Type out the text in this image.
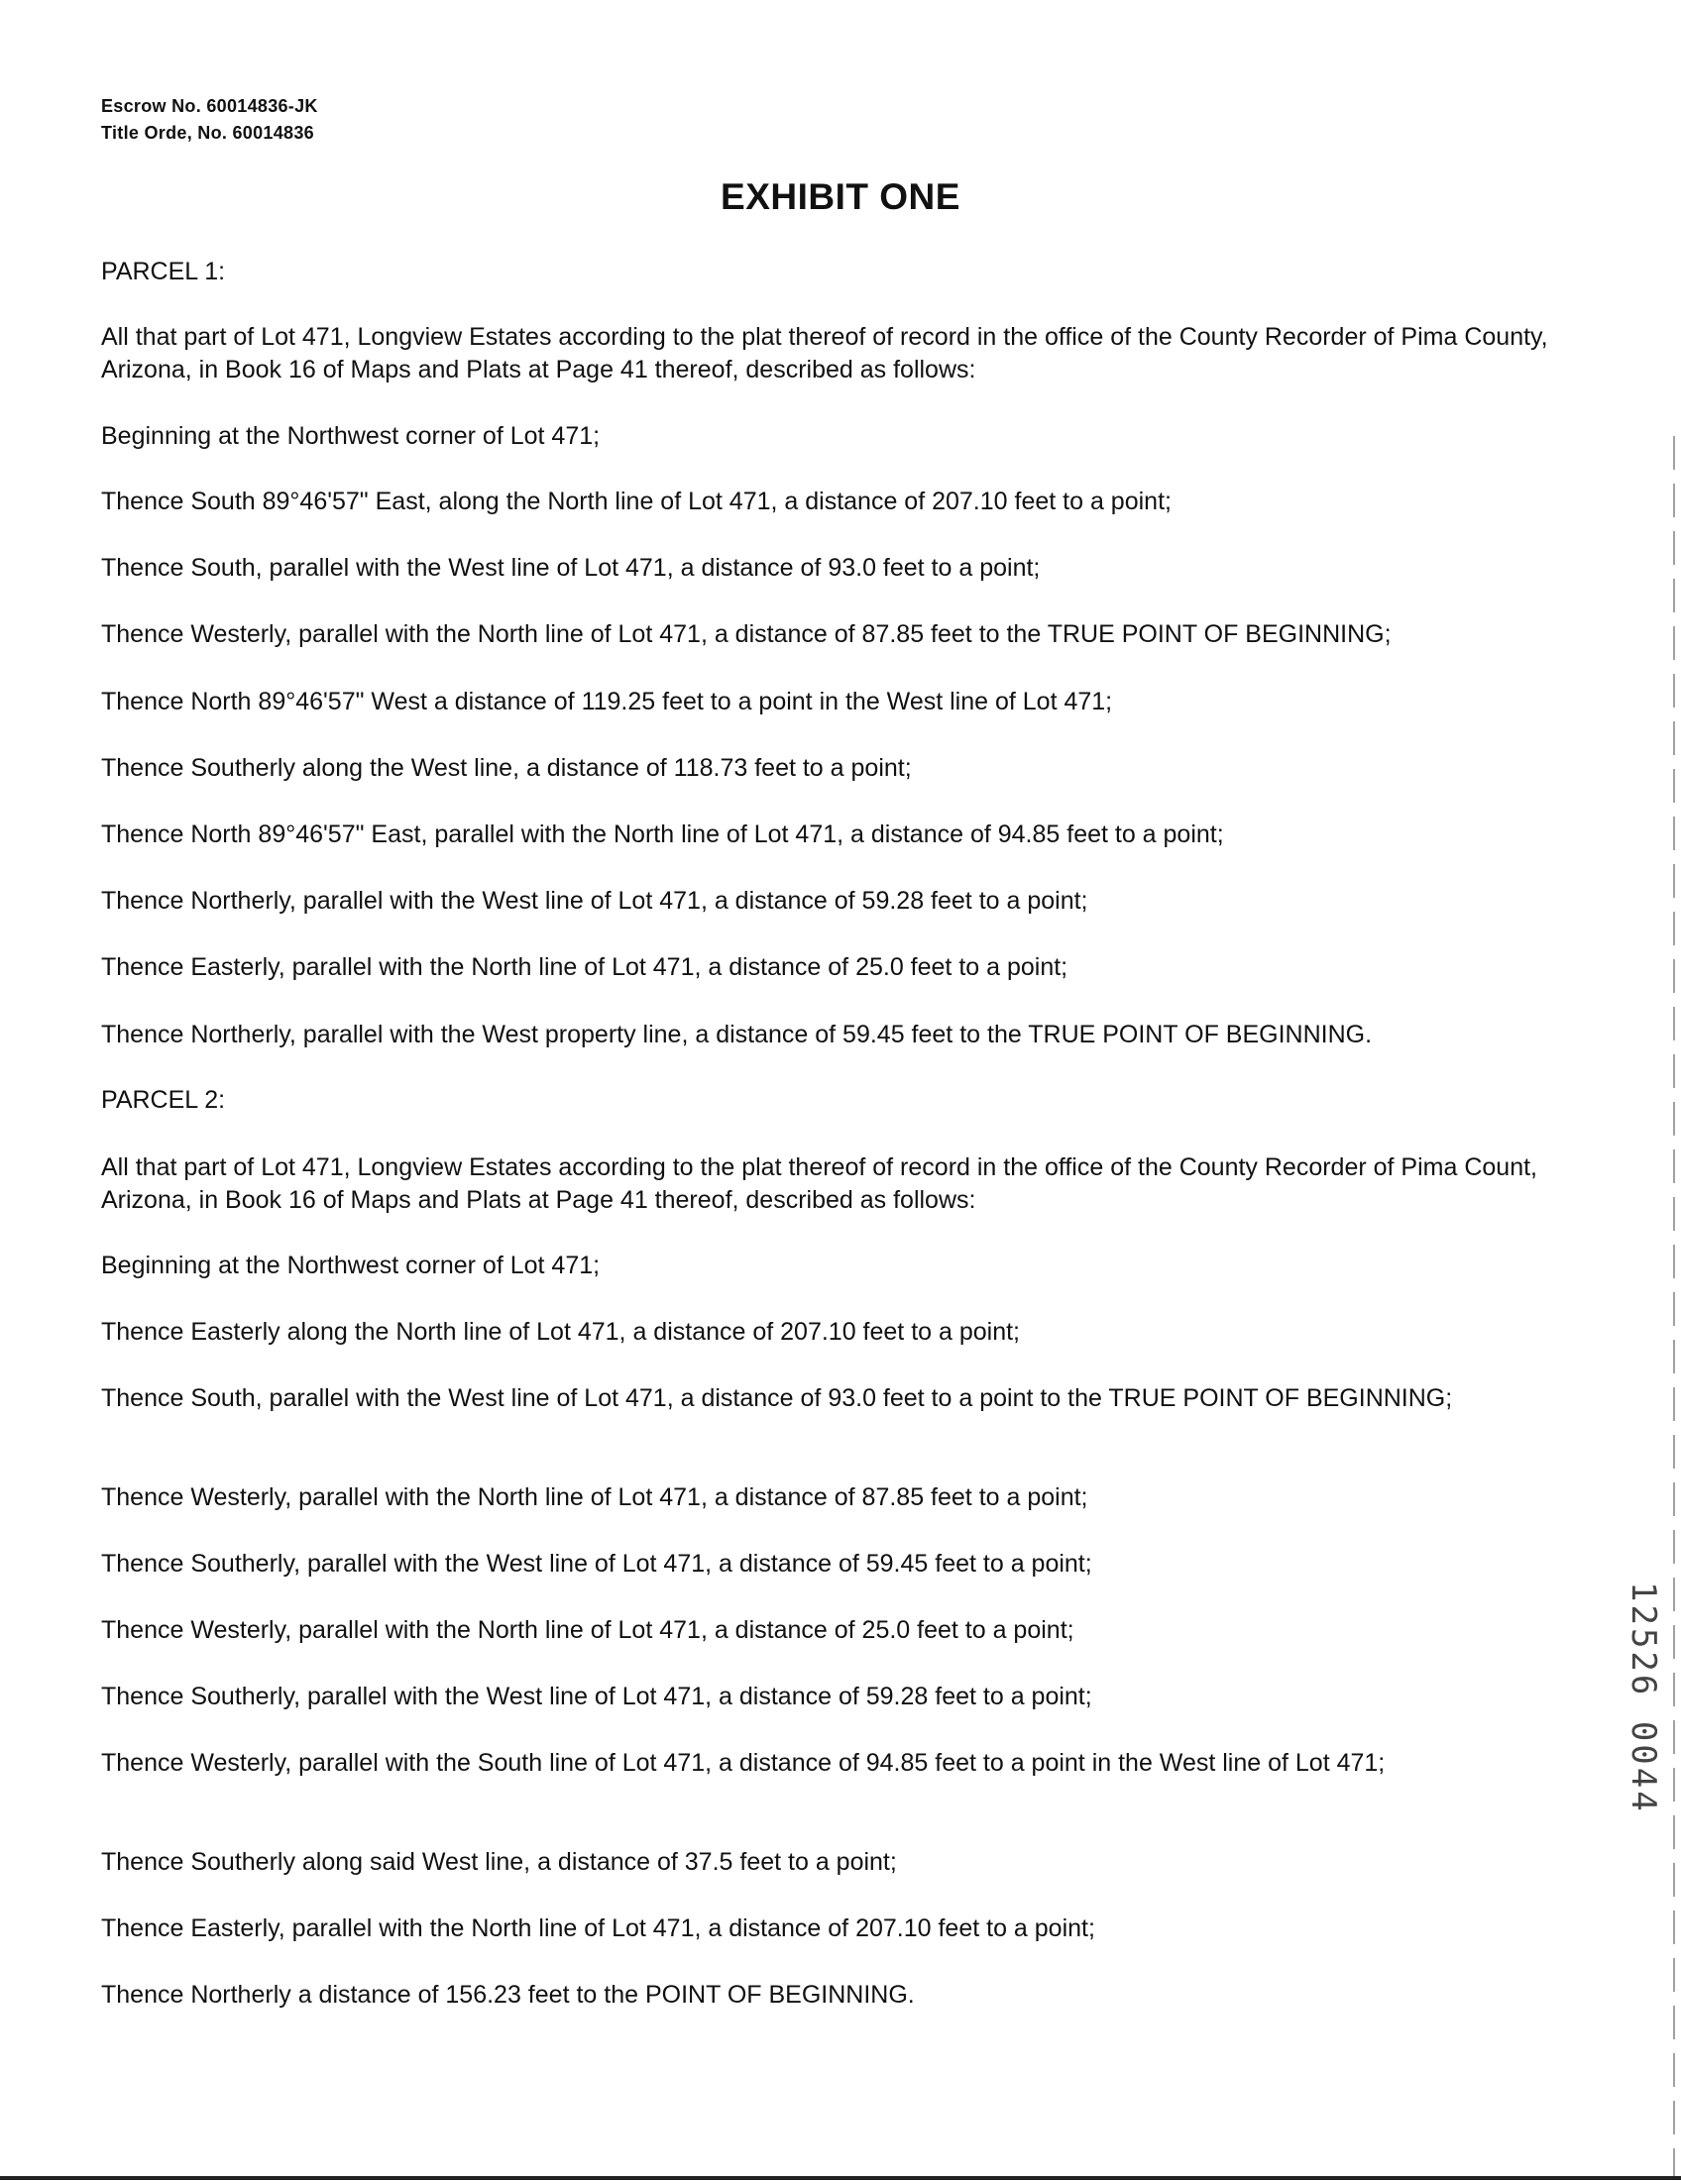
Escrow No. 60014836-JK
Title Orde, No. 60014836
EXHIBIT ONE

PARCEL 1:

All that part of Lot 471, Longview Estates according to the plat thereof of record in the office of the County Recorder of Pima County, Arizona, in Book 16 of Maps and Plats at Page 41 thereof, described as follows:

Beginning at the Northwest corner of Lot 471;

Thence South 89°46'57" East, along the North line of Lot 471, a distance of 207.10 feet to a point;

Thence South, parallel with the West line of Lot 471, a distance of 93.0 feet to a point;

Thence Westerly, parallel with the North line of Lot 471, a distance of 87.85 feet to the TRUE POINT OF BEGINNING;

Thence North 89°46'57" West a distance of 119.25 feet to a point in the West line of Lot 471;

Thence Southerly along the West line, a distance of 118.73 feet to a point;

Thence North 89°46'57" East, parallel with the North line of Lot 471, a distance of 94.85 feet to a point;

Thence Northerly, parallel with the West line of Lot 471, a distance of 59.28 feet to a point;

Thence Easterly, parallel with the North line of Lot 471, a distance of 25.0 feet to a point;

Thence Northerly, parallel with the West property line, a distance of 59.45 feet to the TRUE POINT OF BEGINNING.

PARCEL 2:

All that part of Lot 471, Longview Estates according to the plat thereof of record in the office of the County Recorder of Pima Count, Arizona, in Book 16 of Maps and Plats at Page 41 thereof, described as follows:

Beginning at the Northwest corner of Lot 471;

Thence Easterly along the North line of Lot 471, a distance of 207.10 feet to a point;

Thence South, parallel with the West line of Lot 471, a distance of 93.0 feet to a point to the TRUE POINT OF BEGINNING;

Thence Westerly, parallel with the North line of Lot 471, a distance of 87.85 feet to a point;

Thence Southerly, parallel with the West line of Lot 471, a distance of 59.45 feet to a point;

Thence Westerly, parallel with the North line of Lot 471, a distance of 25.0 feet to a point;

Thence Southerly, parallel with the West line of Lot 471, a distance of 59.28 feet to a point;

Thence Westerly, parallel with the South line of Lot 471, a distance of 94.85 feet to a point in the West line of Lot 471;

Thence Southerly along said West line, a distance of 37.5 feet to a point;

Thence Easterly, parallel with the North line of Lot 471, a distance of 207.10 feet to a point;

Thence Northerly a distance of 156.23 feet to the POINT OF BEGINNING.

12526 0044
